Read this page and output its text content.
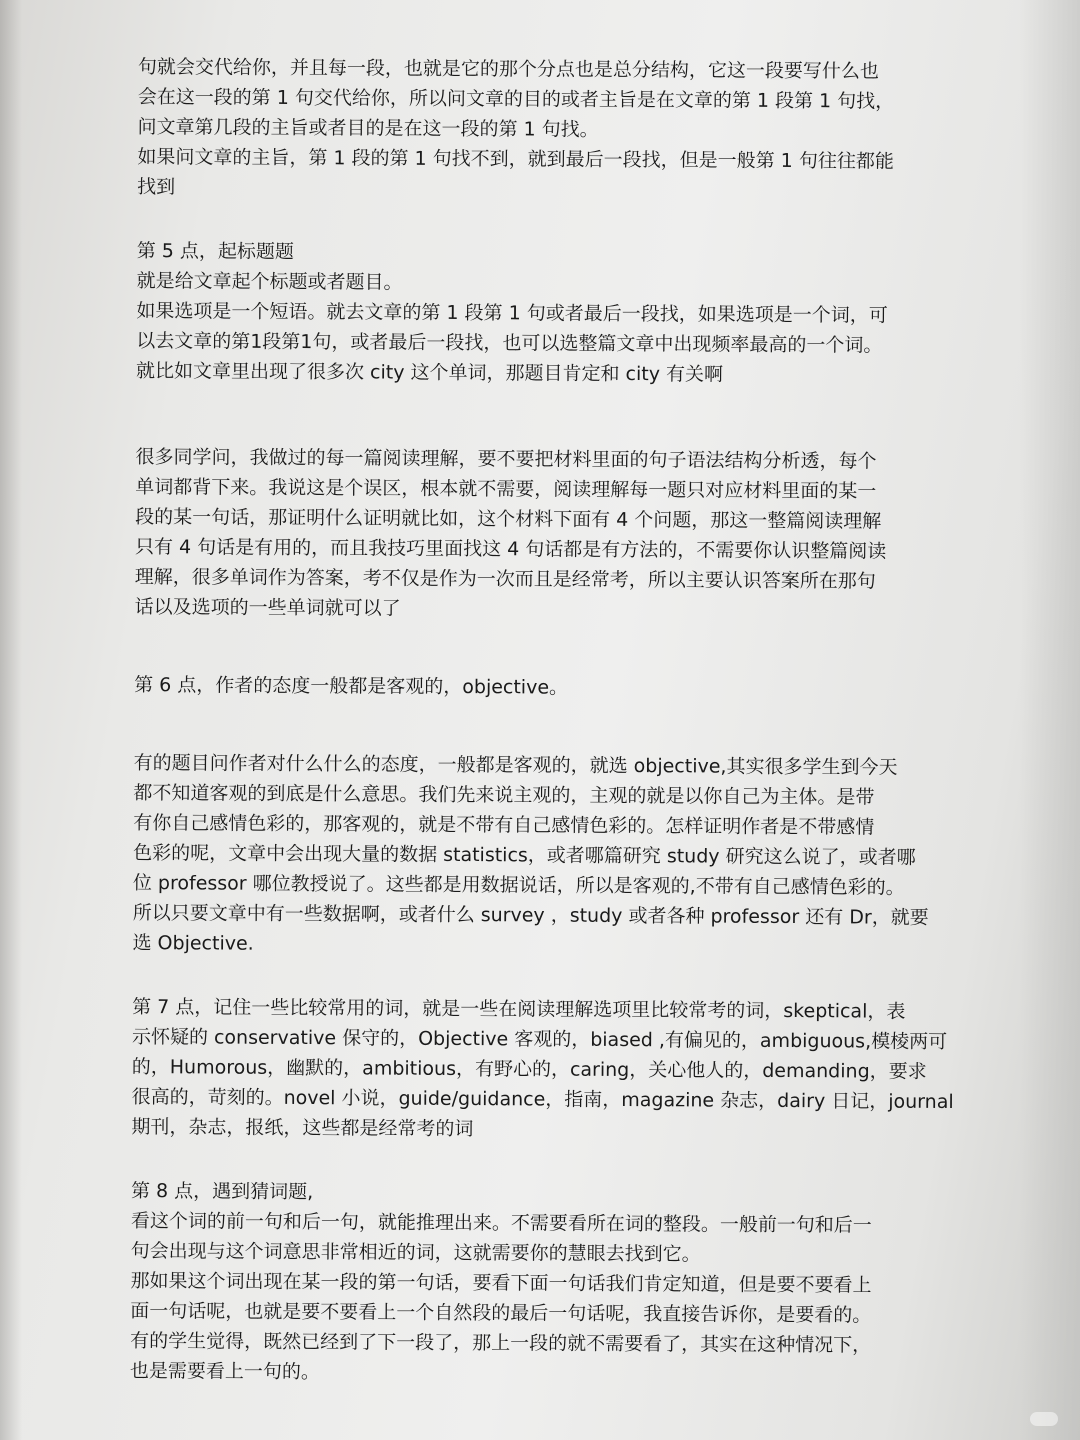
句就会交代给你，并且每一段，也就是它的那个分点也是总分结构，它这一段要写什么也
会在这一段的第 1 句交代给你，所以问文章的目的或者主旨是在文章的第 1 段第 1 句找，
问文章第几段的主旨或者目的是在这一段的第 1 句找。
如果问文章的主旨，第 1 段的第 1 句找不到，就到最后一段找，但是一般第 1 句往往都能
找到

第 5 点，起标题题

就是给文章起个标题或者题目。
如果选项是一个短语。就去文章的第 1 段第 1 句或者最后一段找，如果选项是一个词，可
以去文章的第1段第1句，或者最后一段找，也可以选整篇文章中出现频率最高的一个词。
就比如文章里出现了很多次 city 这个单词，那题目肯定和 city 有关啊

很多同学问，我做过的每一篇阅读理解，要不要把材料里面的句子语法结构分析透，每个
单词都背下来。我说这是个误区，根本就不需要，阅读理解每一题只对应材料里面的某一
段的某一句话，那证明什么证明就比如，这个材料下面有 4 个问题，那这一整篇阅读理解
只有 4 句话是有用的，而且我技巧里面找这 4 句话都是有方法的，不需要你认识整篇阅读
理解，很多单词作为答案，考不仅是作为一次而且是经常考，所以主要认识答案所在那句
话以及选项的一些单词就可以了

第 6 点，作者的态度一般都是客观的，objective。

有的题目问作者对什么什么的态度，一般都是客观的，就选 objective,其实很多学生到今天
都不知道客观的到底是什么意思。我们先来说主观的，主观的就是以你自己为主体。是带
有你自己感情色彩的，那客观的，就是不带有自己感情色彩的。怎样证明作者是不带感情
色彩的呢，文章中会出现大量的数据 statistics，或者哪篇研究 study 研究这么说了，或者哪
位 professor 哪位教授说了。这些都是用数据说话，所以是客观的,不带有自己感情色彩的。
所以只要文章中有一些数据啊，或者什么 survey ，study 或者各种 professor 还有 Dr，就要
选 Objective.

第 7 点，记住一些比较常用的词，就是一些在阅读理解选项里比较常考的词，skeptical，表
示怀疑的 conservative 保守的，Objective 客观的，biased ,有偏见的，ambiguous,模棱两可
的，Humorous，幽默的，ambitious，有野心的，caring，关心他人的，demanding，要求
很高的，苛刻的。novel 小说，guide/guidance，指南，magazine 杂志，dairy 日记，journal
期刊，杂志，报纸，这些都是经常考的词

第 8 点，遇到猜词题,

看这个词的前一句和后一句，就能推理出来。不需要看所在词的整段。一般前一句和后一
句会出现与这个词意思非常相近的词，这就需要你的慧眼去找到它。
那如果这个词出现在某一段的第一句话，要看下面一句话我们肯定知道，但是要不要看上
面一句话呢，也就是要不要看上一个自然段的最后一句话呢，我直接告诉你，是要看的。
有的学生觉得，既然已经到了下一段了，那上一段的就不需要看了，其实在这种情况下，
也是需要看上一句的。
